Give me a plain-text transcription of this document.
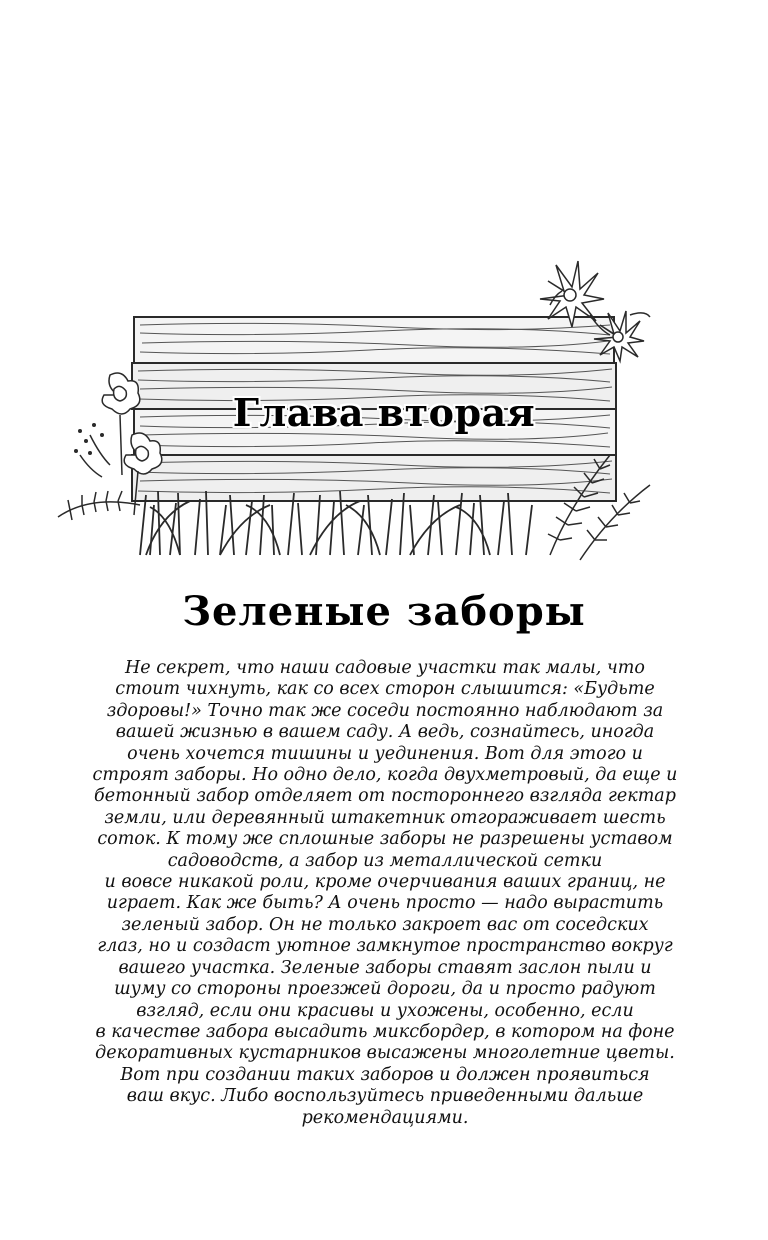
Глава вторая
Зеленые заборы
Не секрет, что наши садовые участки так малы, что
стоит чихнуть, как со всех сторон слышится: «Будьте
здоровы!» Точно так же соседи постоянно наблюдают за
вашей жизнью в вашем саду. А ведь, сознайтесь, иногда
очень хочется тишины и уединения. Вот для этого и
строят заборы. Но одно дело, когда двухметровый, да еще и
бетонный забор отделяет от постороннего взгляда гектар
земли, или деревянный штакетник отгораживает шесть
соток. К тому же сплошные заборы не разрешены уставом
садоводств, а забор из металлической сетки
и вовсе никакой роли, кроме очерчивания ваших границ, не
играет. Как же быть? А очень просто — надо вырастить
зеленый забор. Он не только закроет вас от соседских
глаз, но и создаст уютное замкнутое пространство вокруг
вашего участка. Зеленые заборы ставят заслон пыли и
шуму со стороны проезжей дороги, да и просто радуют
взгляд, если они красивы и ухожены, особенно, если
в качестве забора высадить миксбордер, в котором на фоне
декоративных кустарников высажены многолетние цветы.
Вот при создании таких заборов и должен проявиться
ваш вкус. Либо воспользуйтесь приведенными дальше
рекомендациями.
